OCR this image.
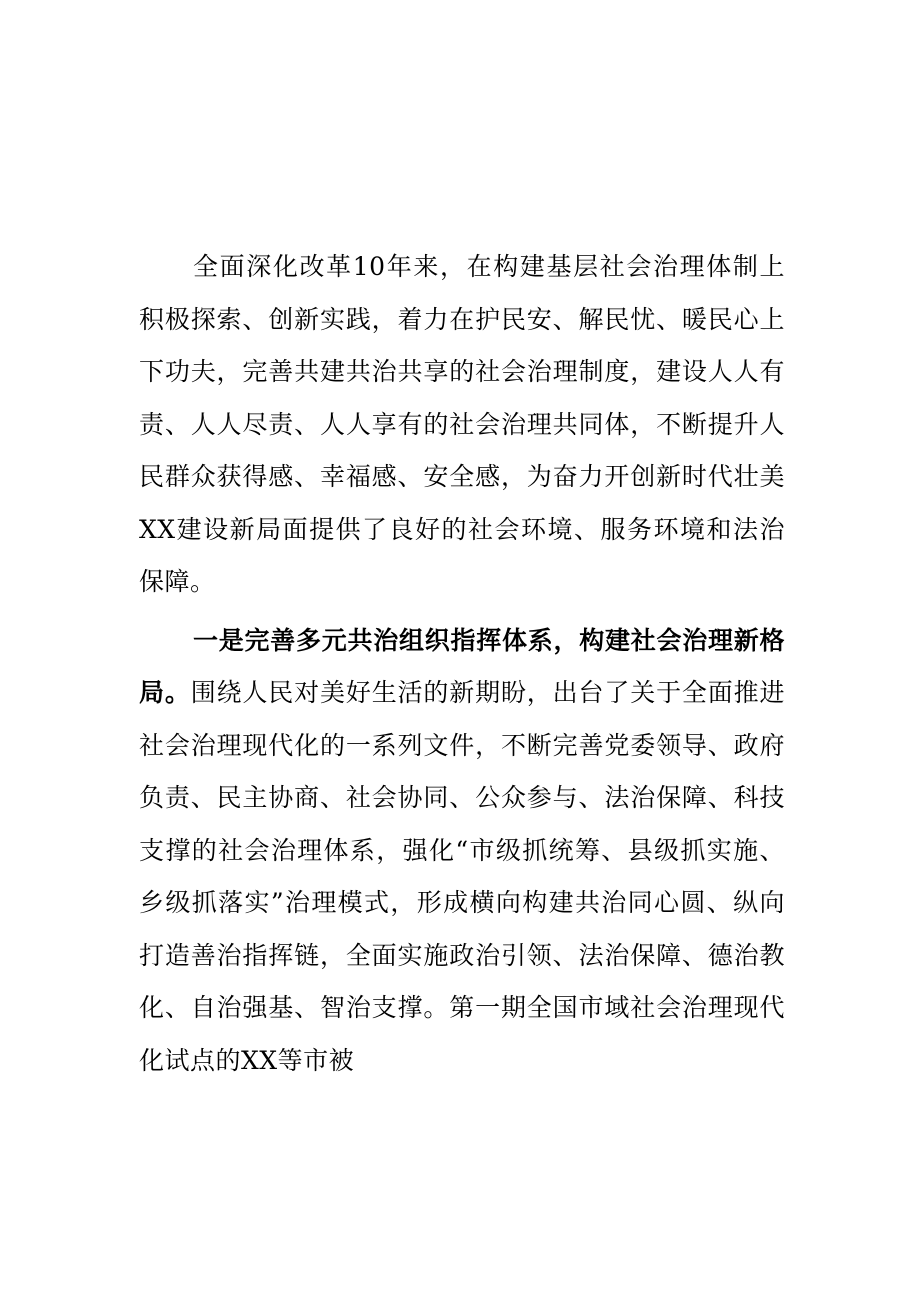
全面深化改革10年来，在构建基层社会治理体制上积极探索、创新实践，着力在护民安、解民忧、暖民心上下功夫，完善共建共治共享的社会治理制度，建设人人有责、人人尽责、人人享有的社会治理共同体，不断提升人民群众获得感、幸福感、安全感，为奋力开创新时代壮美XX建设新局面提供了良好的社会环境、服务环境和法治保障。

一是完善多元共治组织指挥体系，构建社会治理新格局。围绕人民对美好生活的新期盼，出台了关于全面推进社会治理现代化的一系列文件，不断完善党委领导、政府负责、民主协商、社会协同、公众参与、法治保障、科技支撑的社会治理体系，强化“市级抓统筹、县级抓实施、乡级抓落实”治理模式，形成横向构建共治同心圆、纵向打造善治指挥链，全面实施政治引领、法治保障、德治教化、自治强基、智治支撑。第一期全国市域社会治理现代化试点的XX等市被
